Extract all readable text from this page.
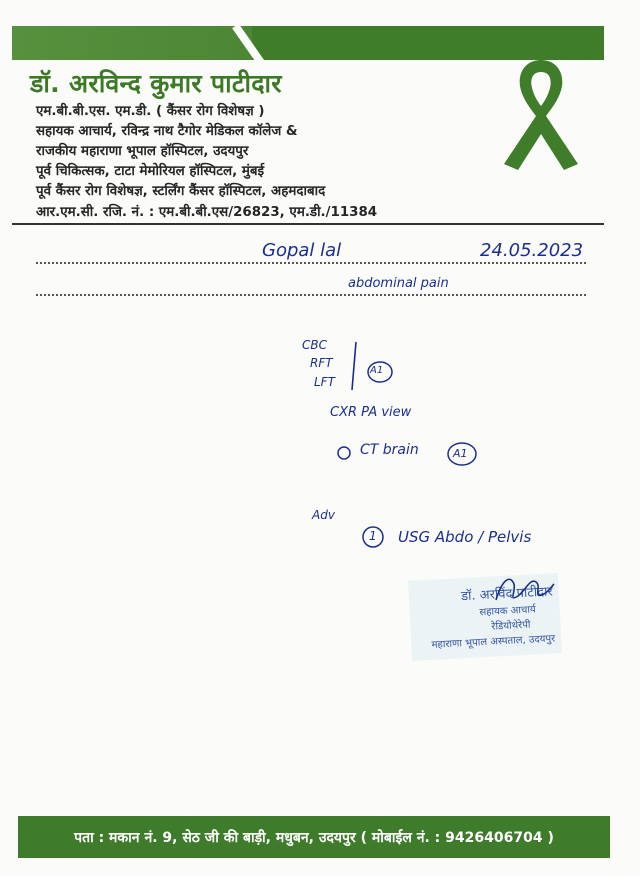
डॉ. अरविन्द कुमार पाटीदार
एम.बी.बी.एस. एम.डी. ( कैंसर रोग विशेषज्ञ )
सहायक आचार्य, रविन्द्र नाथ टैगोर मेडिकल कॉलेज &
राजकीय महाराणा भूपाल हॉस्पिटल, उदयपुर
पूर्व चिकित्सक, टाटा मेमोरियल हॉस्पिटल, मुंबई
पूर्व कैंसर रोग विशेषज्ञ, स्टर्लिंग कैंसर हॉस्पिटल, अहमदाबाद
आर.एम.सी. रजि. नं. : एम.बी.बी.एस/26823, एम.डी./11384
Gopal lal	24.05.2023
abdominal pain
CBC
RFT
LFT
A1
CXR PA view
CT brain	A1
Adv
1 USG Abdo / Pelvis
डॉ. अरविंद पाटीदार
सहायक आचार्य
रेडियोथेरेपी
महाराणा भूपाल अस्पताल, उदयपुर
पता : मकान नं. 9, सेठ जी की बाड़ी, मधुबन, उदयपुर ( मोबाईल नं. : 9426406704 )
